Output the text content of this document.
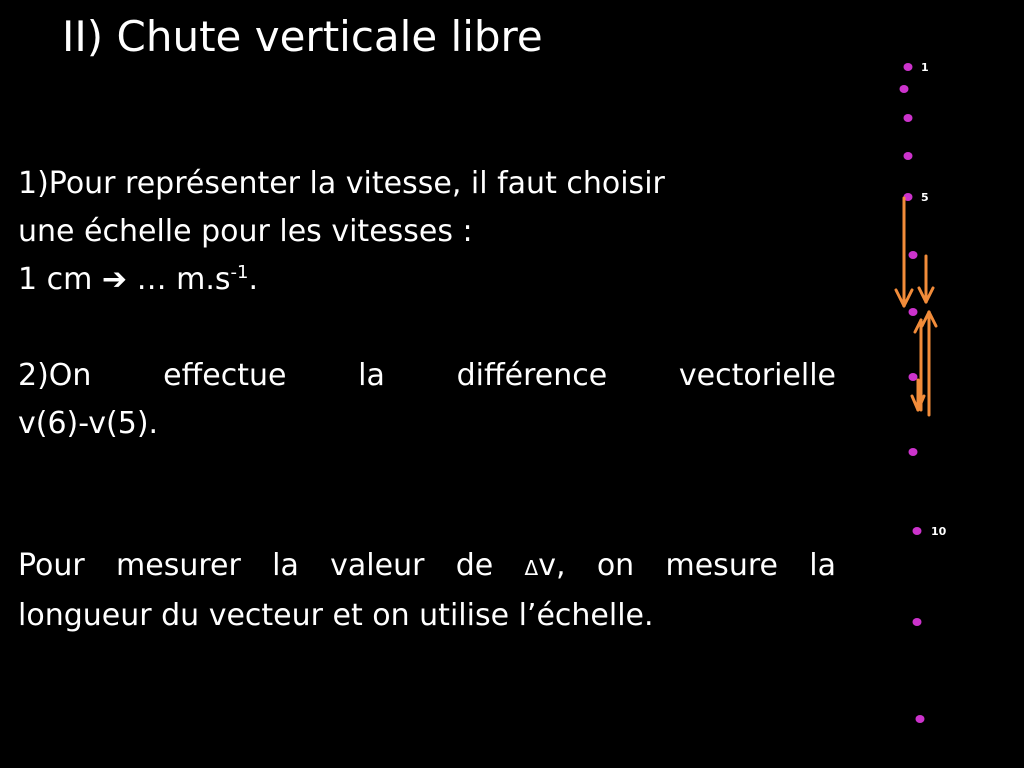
II) Chute verticale libre

1)Pour représenter la vitesse, il faut choisir
une échelle pour les vitesses :
1 cm ➔ … $m.s^{-1}$.

2)On effectue la différence vectorielle
v(6)-v(5).

Pour mesurer la valeur de Δv, on mesure la
longueur du vecteur et on utilise l’échelle.

1
5
10
